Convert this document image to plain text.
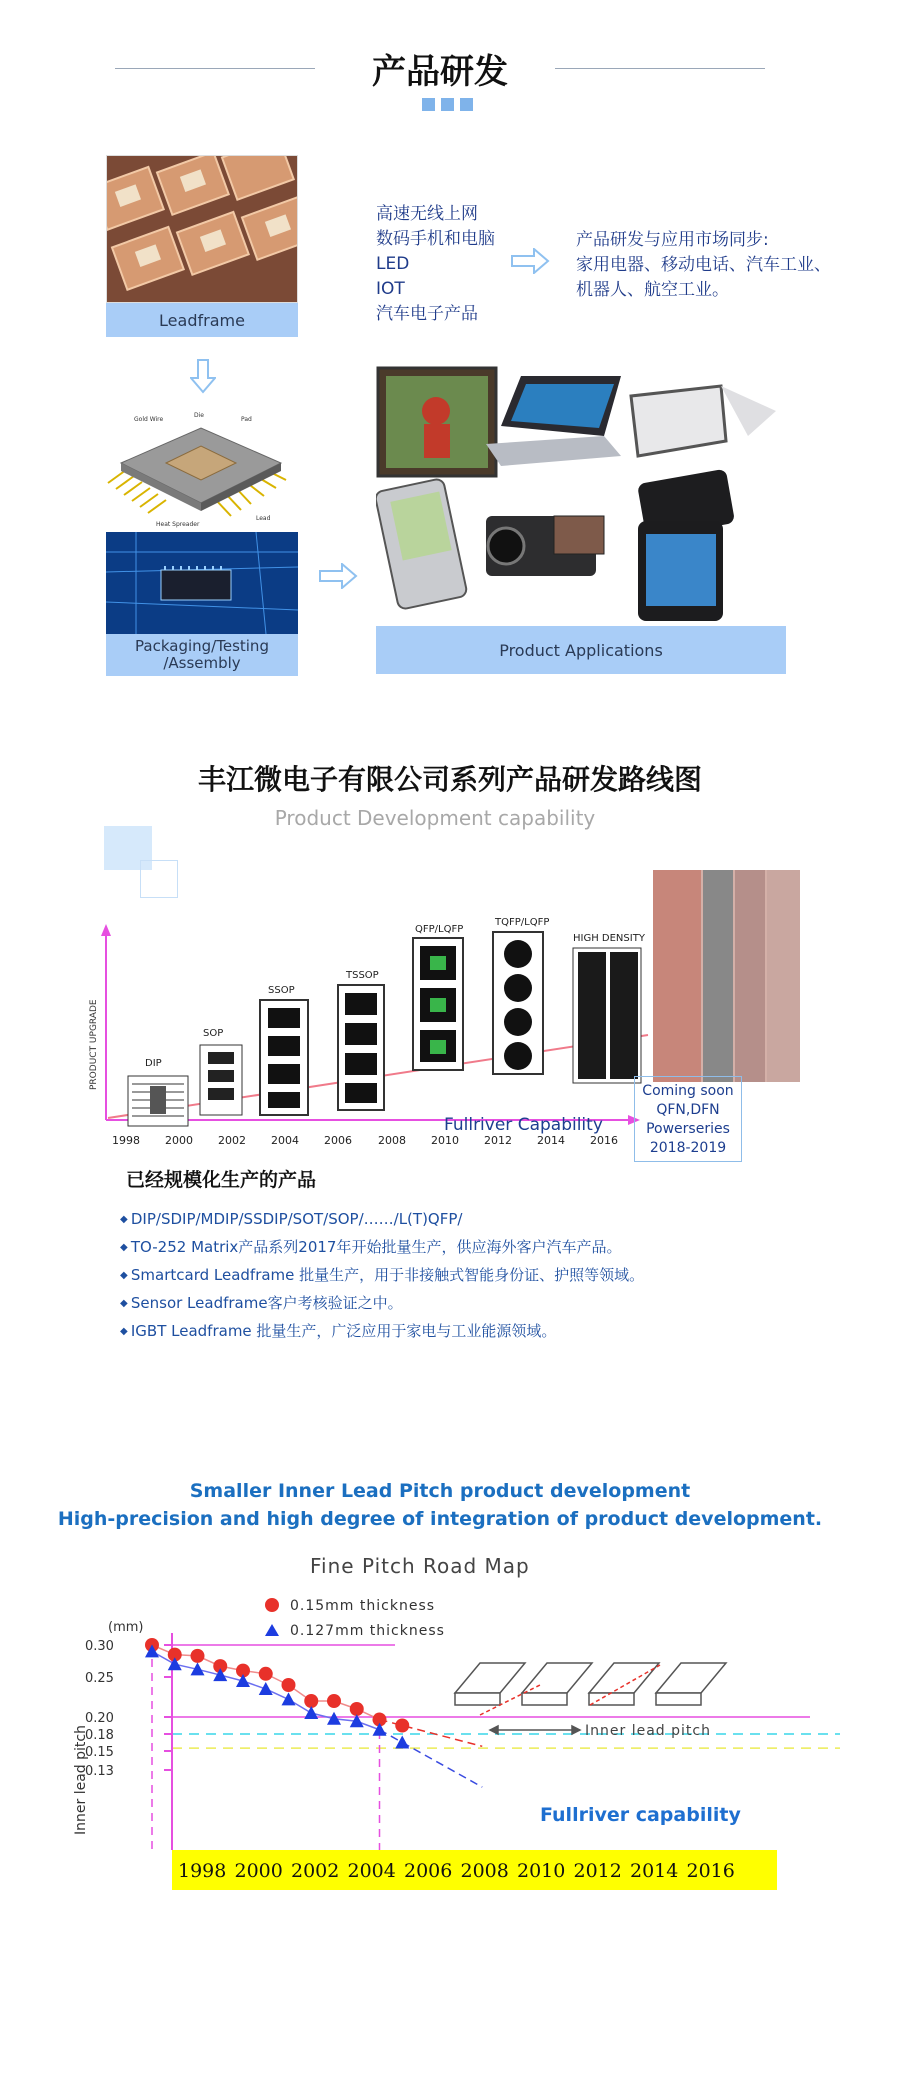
产品研发
Leadframe
Gold Wire
Die
Pad
Heat Spreader
Lead
Packaging/Testing
/Assembly
高速无线上网
数码手机和电脑
LED
IOT
汽车电子产品
产品研发与应用市场同步:
家用电器、移动电话、汽车工业、
机器人、航空工业。
Product Applications
丰江微电子有限公司系列产品研发路线图
Product Development capability
PRODUCT UPGRADE
1998 2000 2002 2004 2006 2008 2010 2012 2014 2016
DIP
SOP
SSOP
TSSOP
QFP/LQFP
TQFP/LQFP
HIGH DENSITY
Fullriver Capability
Coming soon
QFN,DFN
Powerseries
2018-2019
已经规模化生产的产品
◆ DIP/SDIP/MDIP/SSDIP/SOT/SOP/……/L(T)QFP/
◆ TO-252 Matrix产品系列2017年开始批量生产，供应海外客户汽车产品。
◆ Smartcard Leadframe 批量生产，用于非接触式智能身份证、护照等领域。
◆ Sensor Leadframe客户考核验证之中。
◆ IGBT Leadframe 批量生产，广泛应用于家电与工业能源领域。
Smaller Inner Lead Pitch product development
High-precision and high degree of integration of product development.
Fine Pitch Road Map
0.15mm thickness
0.127mm thickness
(mm)
Inner lead pitch
0.30
0.25
0.20
0.18
0.15
0.13
1998 2000 2002 2004 2006 2008 2010 2012 2014 2016
Inner lead pitch
Fullriver capability
